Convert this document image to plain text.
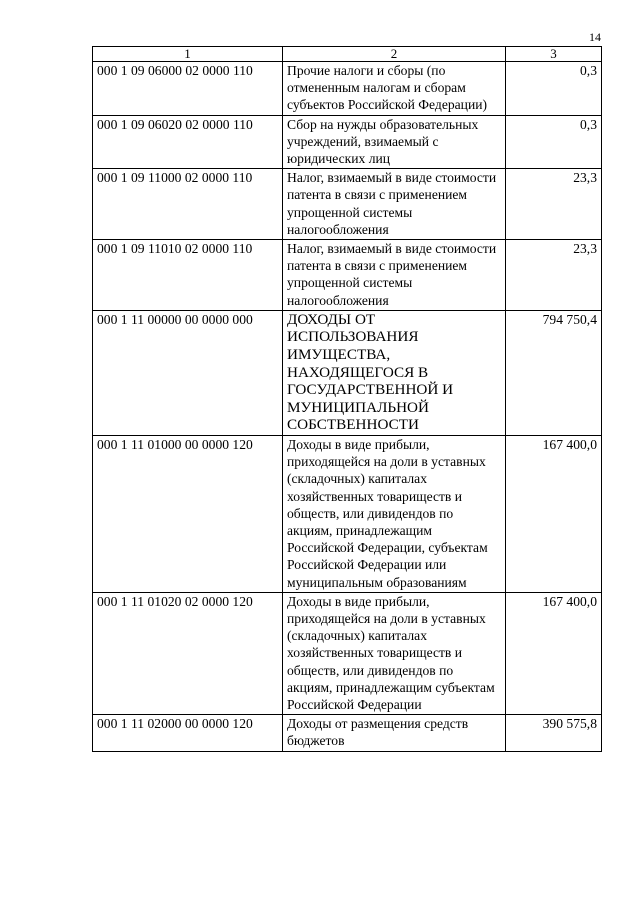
14
1	2	3
000 1 09 06000 02 0000 110	Прочие налоги и сборы (по отмененным налогам и сборам субъектов Российской Федерации)	0,3
000 1 09 06020 02 0000 110	Сбор на нужды образовательных учреждений, взимаемый с юридических лиц	0,3
000 1 09 11000 02 0000 110	Налог, взимаемый в виде стоимости патента в связи с применением упрощенной системы налогообложения	23,3
000 1 09 11010 02 0000 110	Налог, взимаемый в виде стоимости патента в связи с применением упрощенной системы налогообложения	23,3
000 1 11 00000 00 0000 000	ДОХОДЫ ОТ ИСПОЛЬЗОВАНИЯ ИМУЩЕСТВА, НАХОДЯЩЕГОСЯ В ГОСУДАРСТВЕННОЙ И МУНИЦИПАЛЬНОЙ СОБСТВЕННОСТИ	794 750,4
000 1 11 01000 00 0000 120	Доходы в виде прибыли, приходящейся на доли в уставных (складочных) капиталах хозяйственных товариществ и обществ, или дивидендов по акциям, принадлежащим Российской Федерации, субъектам Российской Федерации или муниципальным образованиям	167 400,0
000 1 11 01020 02 0000 120	Доходы в виде прибыли, приходящейся на доли в уставных (складочных) капиталах хозяйственных товариществ и обществ, или дивидендов по акциям, принадлежащим субъектам Российской Федерации	167 400,0
000 1 11 02000 00 0000 120	Доходы от размещения средств бюджетов	390 575,8
